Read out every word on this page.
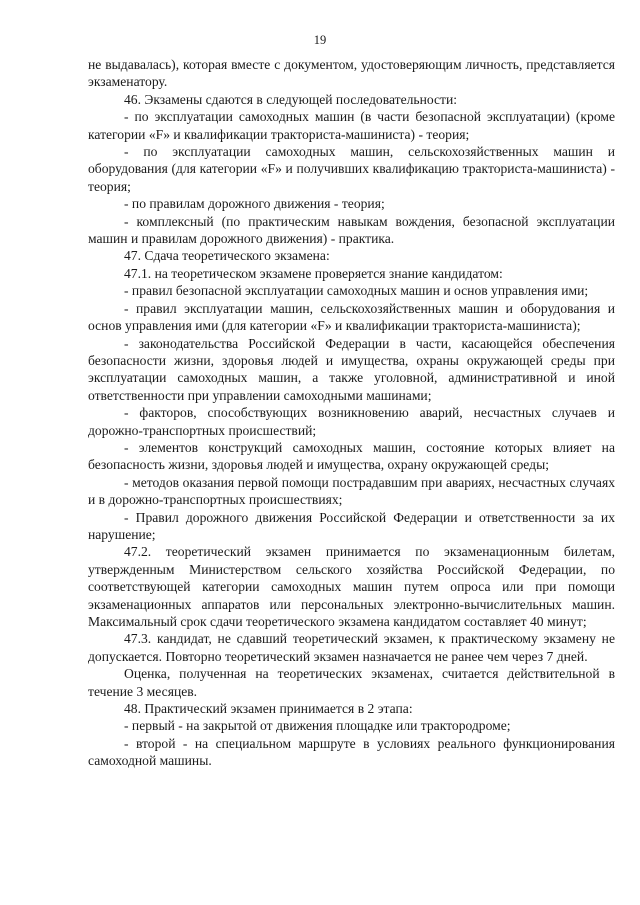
19

не выдавалась), которая вместе с документом, удостоверяющим личность, представляется экзаменатору.

46. Экзамены сдаются в следующей последовательности:

- по эксплуатации самоходных машин (в части безопасной эксплуатации) (кроме категории «F» и квалификации тракториста-машиниста) - теория;

- по эксплуатации самоходных машин, сельскохозяйственных машин и оборудования (для категории «F» и получивших квалификацию тракториста-машиниста) - теория;

- по правилам дорожного движения - теория;

- комплексный (по практическим навыкам вождения, безопасной эксплуатации машин и правилам дорожного движения) - практика.

47. Сдача теоретического экзамена:

47.1. на теоретическом экзамене проверяется знание кандидатом:

- правил безопасной эксплуатации самоходных машин и основ управления ими;

- правил эксплуатации машин, сельскохозяйственных машин и оборудования и основ управления ими (для категории «F» и квалификации тракториста-машиниста);

- законодательства Российской Федерации в части, касающейся обеспечения безопасности жизни, здоровья людей и имущества, охраны окружающей среды при эксплуатации самоходных машин, а также уголовной, административной и иной ответственности при управлении самоходными машинами;

- факторов, способствующих возникновению аварий, несчастных случаев и дорожно-транспортных происшествий;

- элементов конструкций самоходных машин, состояние которых влияет на безопасность жизни, здоровья людей и имущества, охрану окружающей среды;

- методов оказания первой помощи пострадавшим при авариях, несчастных случаях и в дорожно-транспортных происшествиях;

- Правил дорожного движения Российской Федерации и ответственности за их нарушение;

47.2. теоретический экзамен принимается по экзаменационным билетам, утвержденным Министерством сельского хозяйства Российской Федерации, по соответствующей категории самоходных машин путем опроса или при помощи экзаменационных аппаратов или персональных электронно-вычислительных машин. Максимальный срок сдачи теоретического экзамена кандидатом составляет 40 минут;

47.3. кандидат, не сдавший теоретический экзамен, к практическому экзамену не допускается. Повторно теоретический экзамен назначается не ранее чем через 7 дней.

Оценка, полученная на теоретических экзаменах, считается действительной в течение 3 месяцев.

48. Практический экзамен принимается в 2 этапа:

- первый - на закрытой от движения площадке или трактородроме;

- второй - на специальном маршруте в условиях реального функционирования самоходной машины.
